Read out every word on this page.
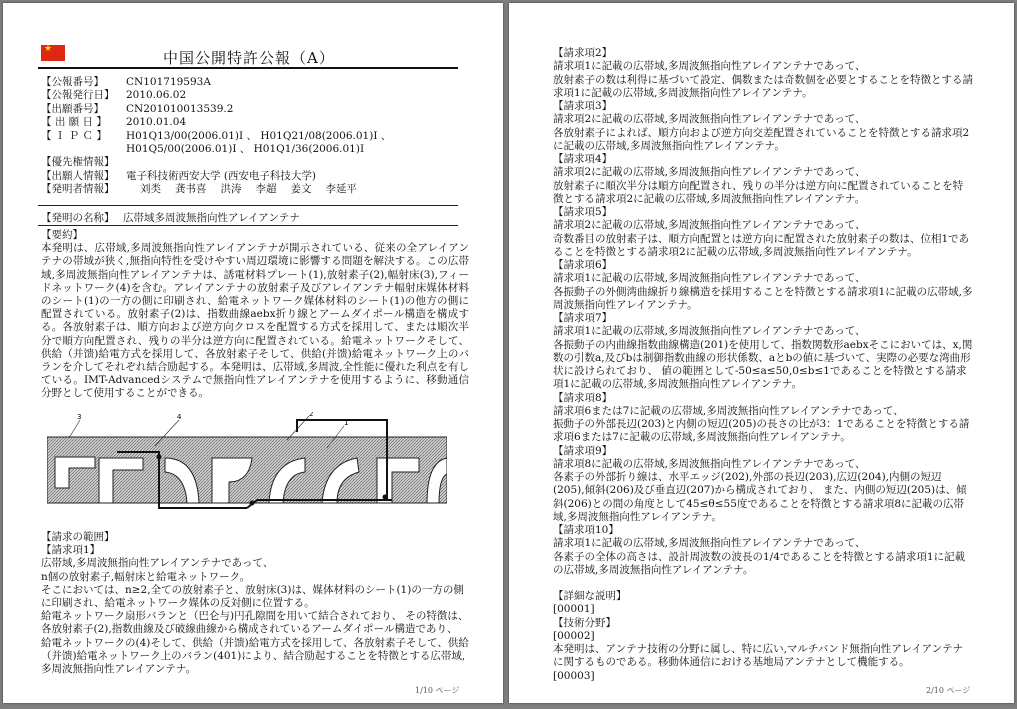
★	中国公開特許公報（A）
【公報番号】	CN101719593A
【公報発行日】	2010.06.02
【出願番号】	CN201010013539.2
【 出 願 日 】	2010.01.04
【 Ｉ Ｐ Ｃ 】	H01Q13/00(2006.01)I 、 H01Q21/08(2006.01)I 、 H01Q5/00(2006.01)I 、 H01Q1/36(2006.01)I
【優先権情報】
【出願人情報】	電子科技術西安大学 (西安电子科技大学)
【発明者情報】	刘类 龚书喜 洪涛 李超 姜文 李延平
【発明の名称】 広帯域多周波無指向性アレイアンテナ

【要約】

本発明は、広帯域,多周波無指向性アレイアンテナが開示されている、従来の全アレイアンテナの帯域が狭く,無指向特性を受けやすい周辺環境に影響する問題を解決する。この広帯域,多周波無指向性アレイアンテナは、誘電材料プレート(1),放射素子(2),幅射床(3),フィードネットワーク(4)を含む。アレイアンテナの放射素子及びアレイアンテナ幅射床媒体材料のシート(1)の一方の側に印刷され、給電ネットワーク媒体材料のシート(1)の他方の側に配置されている。放射素子(2)は、指数曲線aebx折り線とアームダイポール構造を構成する。各放射素子は、順方向および逆方向クロスを配置する方式を採用して、または順次半分で順方向配置され、残りの半分は逆方向に配置されている。給電ネットワークそして、供給（并馈)給電方式を採用して、各放射素子そして、供給(并馈)給電ネットワーク上のバランを介してそれぞれ結合励起する。本発明は、広帯域,多周波,全性能に優れた利点を有している。IMT-Advancedシステムで無指向性アレイアンテナを使用するように、移動通信分野として使用することができる。

3	4	2
1
【請求の範囲】
【請求項1】
広帯域,多周波無指向性アレイアンテナであって、
n個の放射素子,幅射床と給電ネットワーク。
そこにおいては、n≥2,全ての放射素子と、放射床(3)は、媒体材料のシート(1)の一方の側に印刷され、給電ネットワーク媒体の反対側に位置する。
給電ネットワーク扇形バランと（巴仑与)円孔隙間を用いて結合されており、 その特徴は、各放射素子(2),指数曲線及び破線曲線から構成されているアームダイポール構造であり、 給電ネットワークの(4)そして、供給（并馈)給電方式を採用して、各放射素子そして、供給（并馈)給電ネットワーク上のバラン(401)により、結合励起することを特徴とする広帯域,多周波無指向性アレイアンテナ。
1/10 ページ
【請求項2】
請求項1に記載の広帯域,多周波無指向性アレイアンテナであって、
放射素子の数は利得に基づいて設定、偶数または奇数個を必要とすることを特徴とする請求項1に記載の広帯域,多周波無指向性アレイアンテナ。
【請求項3】
請求項2に記載の広帯域,多周波無指向性アレイアンテナであって、
各放射素子によれば、順方向および逆方向交差配置されていることを特徴とする請求項2に記載の広帯域,多周波無指向性アレイアンテナ。
【請求項4】
請求項2に記載の広帯域,多周波無指向性アレイアンテナであって、
放射素子に順次半分は順方向配置され、残りの半分は逆方向に配置されていることを特徴とする請求項2に記載の広帯域,多周波無指向性アレイアンテナ。
【請求項5】
請求項2に記載の広帯域,多周波無指向性アレイアンテナであって、
奇数番目の放射素子は、順方向配置とは逆方向に配置された放射素子の数は、位相1であることを特徴とする請求項2に記載の広帯域,多周波無指向性アレイアンテナ。
【請求項6】
請求項1に記載の広帯域,多周波無指向性アレイアンテナであって、
各振動子の外側湾曲線折り線構造を採用することを特徴とする請求項1に記載の広帯域,多周波無指向性アレイアンテナ。
【請求項7】
請求項1に記載の広帯域,多周波無指向性アレイアンテナであって、
各振動子の内曲線指数曲線構造(201)を使用して、指数関数形aebxそこにおいては、x,関数の引数a,及びbは制御指数曲線の形状係数、aとbの値に基づいて、実際の必要な湾曲形状に設けられており、 値の範囲として-50≤a≤50,0≤b≤1であることを特徴とする請求項1に記載の広帯域,多周波無指向性アレイアンテナ。
【請求項8】
請求項6または7に記載の広帯域,多周波無指向性アレイアンテナであって、
振動子の外部長辺(203)と内側の短辺(205)の長さの比が3：1であることを特徴とする請求項6または7に記載の広帯域,多周波無指向性アレイアンテナ。
【請求項9】
請求項8に記載の広帯域,多周波無指向性アレイアンテナであって、
各素子の外部折り線は、水平エッジ(202),外部の長辺(203),広辺(204),内側の短辺(205),傾斜(206)及び垂直辺(207)から構成されており、 また、内側の短辺(205)は、傾斜(206)との間の角度として45≤θ≤55度であることを特徴とする請求項8に記載の広帯域,多周波無指向性アレイアンテナ。
【請求項10】
請求項1に記載の広帯域,多周波無指向性アレイアンテナであって、
各素子の全体の高さは、設計周波数の波長の1/4であることを特徴とする請求項1に記載の広帯域,多周波無指向性アレイアンテナ。
【詳細な説明】
[00001]
【技術分野】
[00002]
本発明は、アンテナ技術の分野に属し、特に広い,マルチバンド無指向性アレイアンテナに関するものである。移動体通信における基地局アンテナとして機能する。
[00003]
2/10 ページ
